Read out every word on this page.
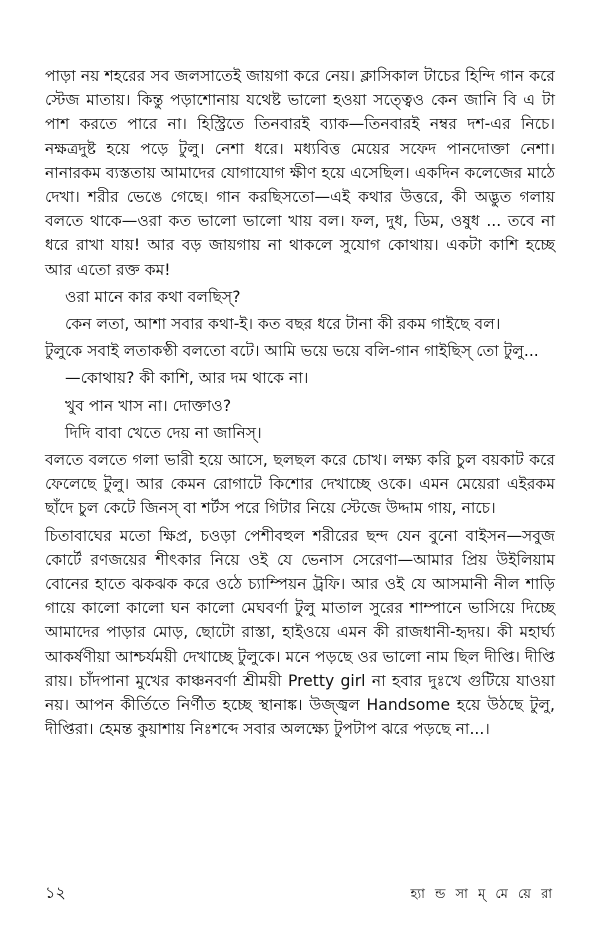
পাড়া নয় শহরের সব জলসাতেই জায়গা করে নেয়। ক্লাসিকাল টাচের হিন্দি গান করে স্টেজ মাতায়। কিন্তু পড়াশোনায় যথেষ্ট ভালো হওয়া সত্ত্বেও কেন জানি বি এ টা পাশ করতে পারে না। হিস্ট্রিতে তিনবারই ব্যাক—তিনবারই নম্বর দশ-এর নিচে। নক্ষত্রদুষ্ট হয়ে পড়ে টুলু। নেশা ধরে। মধ্যবিত্ত মেয়ের সফেদ পানদোক্তা নেশা। নানারকম ব্যস্ততায় আমাদের যোগাযোগ ক্ষীণ হয়ে এসেছিল। একদিন কলেজের মাঠে দেখা। শরীর ভেঙে গেছে। গান করছিসতো—এই কথার উত্তরে, কী অদ্ভুত গলায় বলতে থাকে—ওরা কত ভালো ভালো খায় বল। ফল, দুধ, ডিম, ওষুধ ... তবে না ধরে রাখা যায়! আর বড় জায়গায় না থাকলে সুযোগ কোথায়। একটা কাশি হচ্ছে আর এতো রক্ত কম!

ওরা মানে কার কথা বলছিস্?

কেন লতা, আশা সবার কথা-ই। কত বছর ধরে টানা কী রকম গাইছে বল।

টুলুকে সবাই লতাকণ্ঠী বলতো বটে। আমি ভয়ে ভয়ে বলি-গান গাইছিস্ তো টুলু...

—কোথায়? কী কাশি, আর দম থাকে না।

খুব পান খাস না। দোক্তাও?

দিদি বাবা খেতে দেয় না জানিস্।

বলতে বলতে গলা ভারী হয়ে আসে, ছলছল করে চোখ। লক্ষ্য করি চুল বয়কাট করে ফেলেছে টুলু। আর কেমন রোগাটে কিশোর দেখাচ্ছে ওকে। এমন মেয়েরা এইরকম ছাঁদে চুল কেটে জিনস্ বা শর্টস পরে গিটার নিয়ে স্টেজে উদ্দাম গায়, নাচে।

চিতাবাঘের মতো ক্ষিপ্র, চওড়া পেশীবহুল শরীরের ছন্দ যেন বুনো বাইসন—সবুজ কোর্টে রণজয়ের শীৎকার নিয়ে ওই যে ভেনাস সেরেণা—আমার প্রিয় উইলিয়াম বোনের হাতে ঝকঝক করে ওঠে চ্যাম্পিয়ন ট্রফি। আর ওই যে আসমানী নীল শাড়ি গায়ে কালো কালো ঘন কালো মেঘবর্ণা টুলু মাতাল সুরের শাম্পানে ভাসিয়ে দিচ্ছে আমাদের পাড়ার মোড়, ছোটো রাস্তা, হাইওয়ে এমন কী রাজধানী-হৃদয়। কী মহার্ঘ্য আকর্ষণীয়া আশ্চর্যময়ী দেখাচ্ছে টুলুকে। মনে পড়ছে ওর ভালো নাম ছিল দীপ্তি। দীপ্তি রায়। চাঁদপানা মুখের কাঞ্চনবর্ণা শ্রীময়ী Pretty girl না হবার দুঃখে গুটিয়ে যাওয়া নয়। আপন কীর্তিতে নির্ণীত হচ্ছে স্থানাঙ্ক। উজ্জ্বল Handsome হয়ে উঠছে টুলু, দীপ্তিরা। হেমন্ত কুয়াশায় নিঃশব্দে সবার অলক্ষ্যে টুপটাপ ঝরে পড়ছে না...।

১২	হ্যা ন্ড সা ম্ মে য়ে রা
